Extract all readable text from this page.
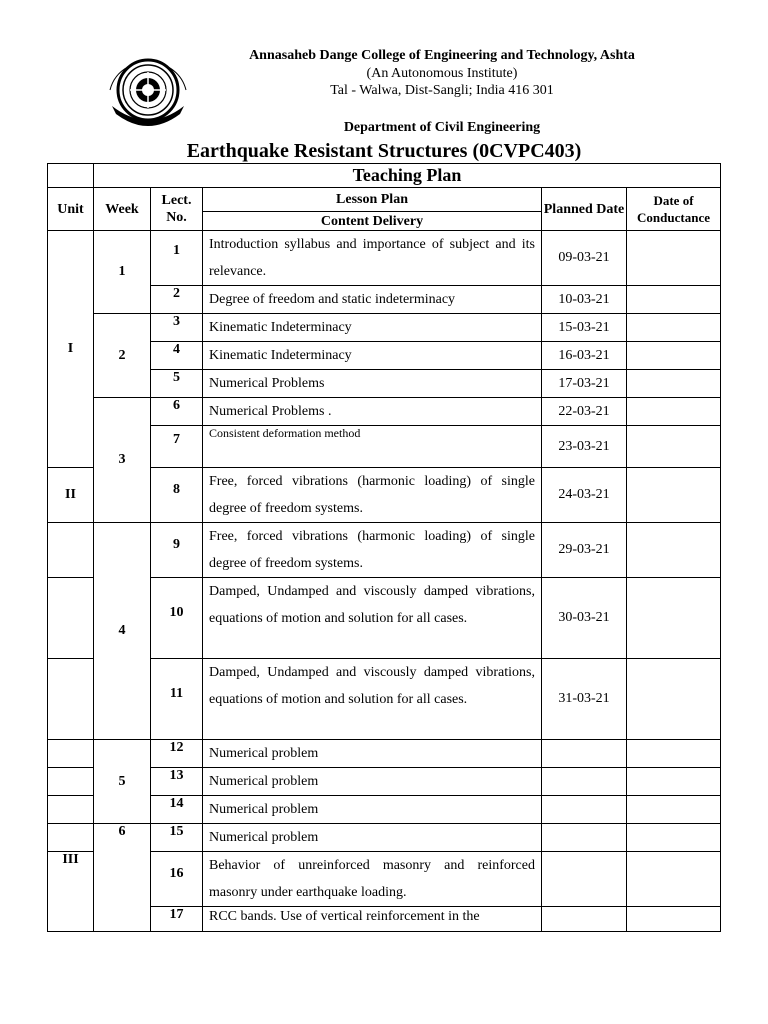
Annasaheb Dange College of Engineering and Technology, Ashta
(An Autonomous Institute)
Tal - Walwa, Dist-Sangli; India 416 301
Department of Civil Engineering
Earthquake Resistant Structures (0CVPC403)
	Teaching Plan				
Unit	Week	Lect. No.	Lesson Plan	Planned Date	Date of Conductance
			Content Delivery		
I	1	1	Introduction syllabus and importance of subject and its relevance.	09-03-21	
		2	Degree of freedom and static indeterminacy	10-03-21	
	2	3	Kinematic Indeterminacy	15-03-21	
		4	Kinematic Indeterminacy	16-03-21	
		5	Numerical Problems	17-03-21	
	3	6	Numerical Problems .	22-03-21	
		7	Consistent deformation method	23-03-21	
II		8	Free, forced vibrations (harmonic loading) of single degree of freedom systems.	24-03-21	
	4	9	Free, forced vibrations (harmonic loading) of single degree of freedom systems.	29-03-21	
		10	Damped, Undamped and viscously damped vibrations, equations of motion and solution for all cases.	30-03-21	
		11	Damped, Undamped and viscously damped vibrations, equations of motion and solution for all cases.	31-03-21	
	5	12	Numerical problem		
		13	Numerical problem		
		14	Numerical problem		
	6	15	Numerical problem		
III		16	Behavior of unreinforced masonry and reinforced masonry under earthquake loading.		
		17	RCC bands. Use of vertical reinforcement in the		
